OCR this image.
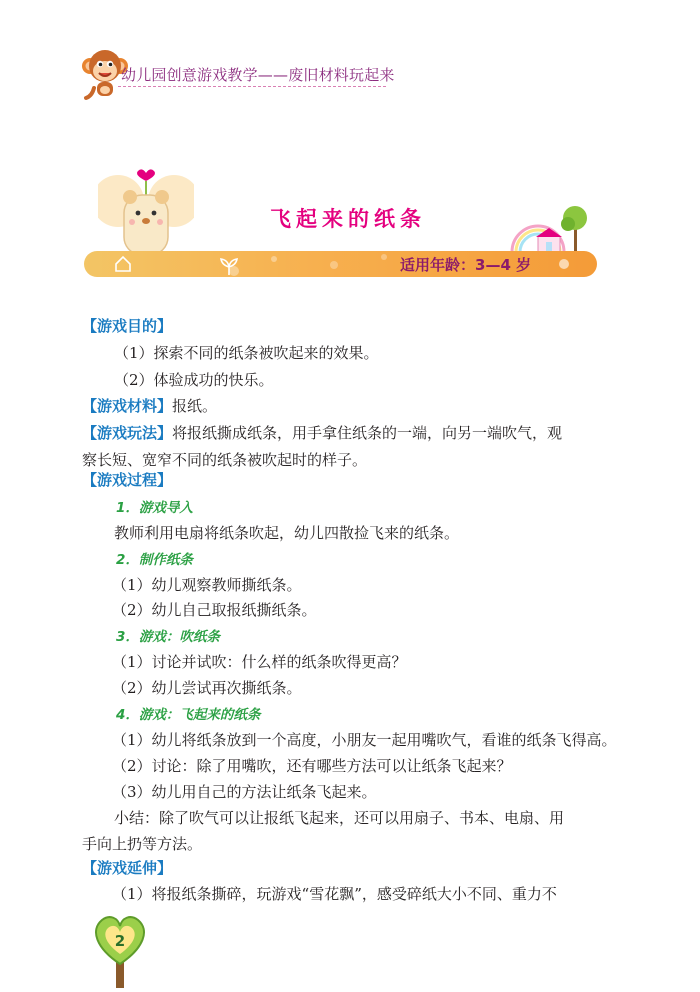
幼儿园创意游戏教学——废旧材料玩起来
飞起来的纸条
适用年龄：3—4 岁
【游戏目的】
（1）探索不同的纸条被吹起来的效果。
（2）体验成功的快乐。
【游戏材料】报纸。
【游戏玩法】将报纸撕成纸条，用手拿住纸条的一端，向另一端吹气，观
察长短、宽窄不同的纸条被吹起时的样子。
【游戏过程】
1．游戏导入
教师利用电扇将纸条吹起，幼儿四散捡飞来的纸条。
2．制作纸条
（1）幼儿观察教师撕纸条。
（2）幼儿自己取报纸撕纸条。
3．游戏：吹纸条
（1）讨论并试吹：什么样的纸条吹得更高？
（2）幼儿尝试再次撕纸条。
4．游戏：飞起来的纸条
（1）幼儿将纸条放到一个高度，小朋友一起用嘴吹气，看谁的纸条飞得高。
（2）讨论：除了用嘴吹，还有哪些方法可以让纸条飞起来？
（3）幼儿用自己的方法让纸条飞起来。
小结：除了吹气可以让报纸飞起来，还可以用扇子、书本、电扇、用
手向上扔等方法。
【游戏延伸】
（1）将报纸条撕碎，玩游戏“雪花飘”，感受碎纸大小不同、重力不
2
